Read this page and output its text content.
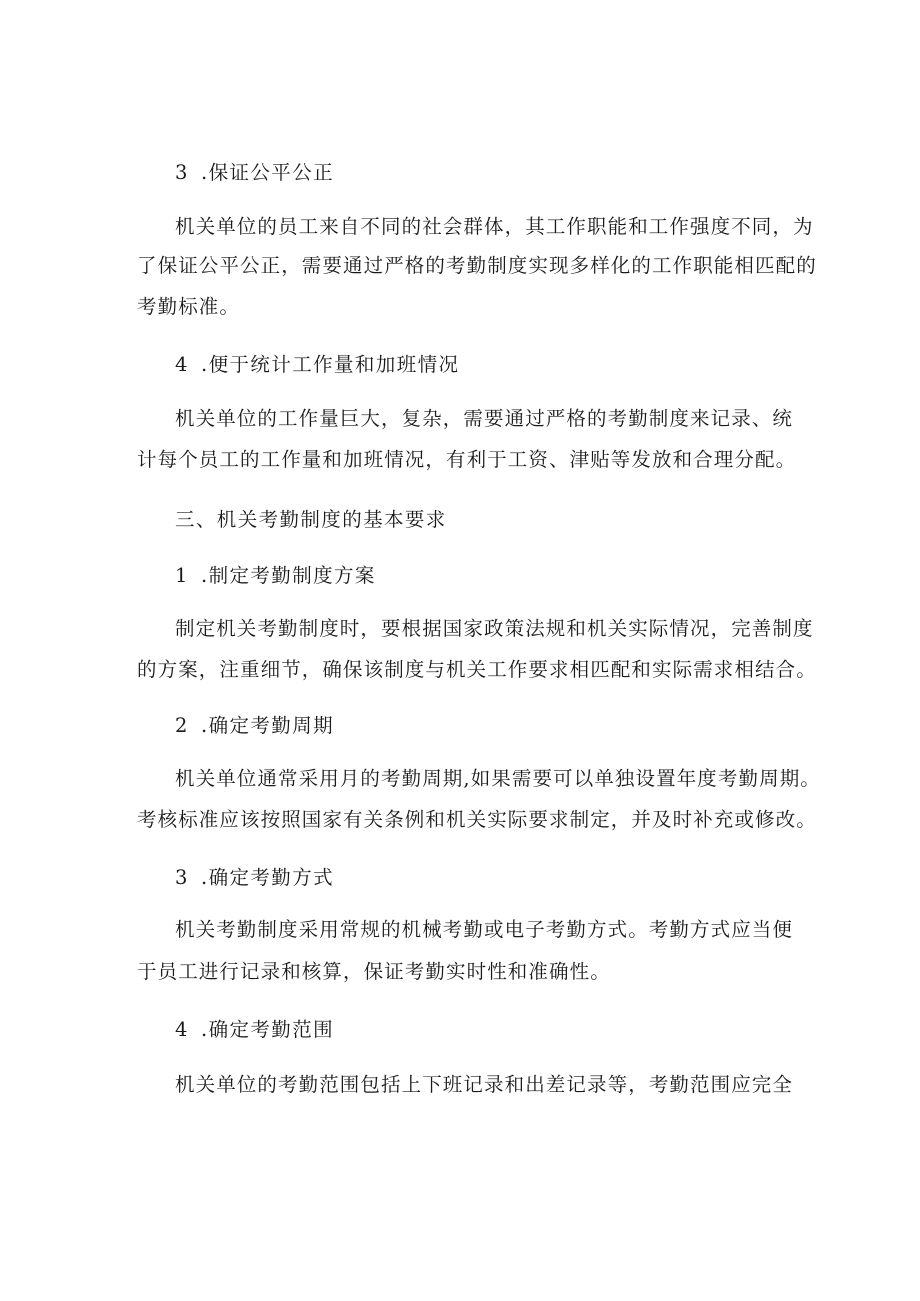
3 .保证公平公正
机关单位的员工来自不同的社会群体，其工作职能和工作强度不同，为
了保证公平公正，需要通过严格的考勤制度实现多样化的工作职能相匹配的
考勤标准。
4 .便于统计工作量和加班情况
机关单位的工作量巨大，复杂，需要通过严格的考勤制度来记录、统
计每个员工的工作量和加班情况，有利于工资、津贴等发放和合理分配。
三、机关考勤制度的基本要求
1 .制定考勤制度方案
制定机关考勤制度时，要根据国家政策法规和机关实际情况，完善制度
的方案，注重细节，确保该制度与机关工作要求相匹配和实际需求相结合。
2 .确定考勤周期
机关单位通常采用月的考勤周期,如果需要可以单独设置年度考勤周期。
考核标准应该按照国家有关条例和机关实际要求制定，并及时补充或修改。
3 .确定考勤方式
机关考勤制度采用常规的机械考勤或电子考勤方式。考勤方式应当便
于员工进行记录和核算，保证考勤实时性和准确性。
4 .确定考勤范围
机关单位的考勤范围包括上下班记录和出差记录等，考勤范围应完全
